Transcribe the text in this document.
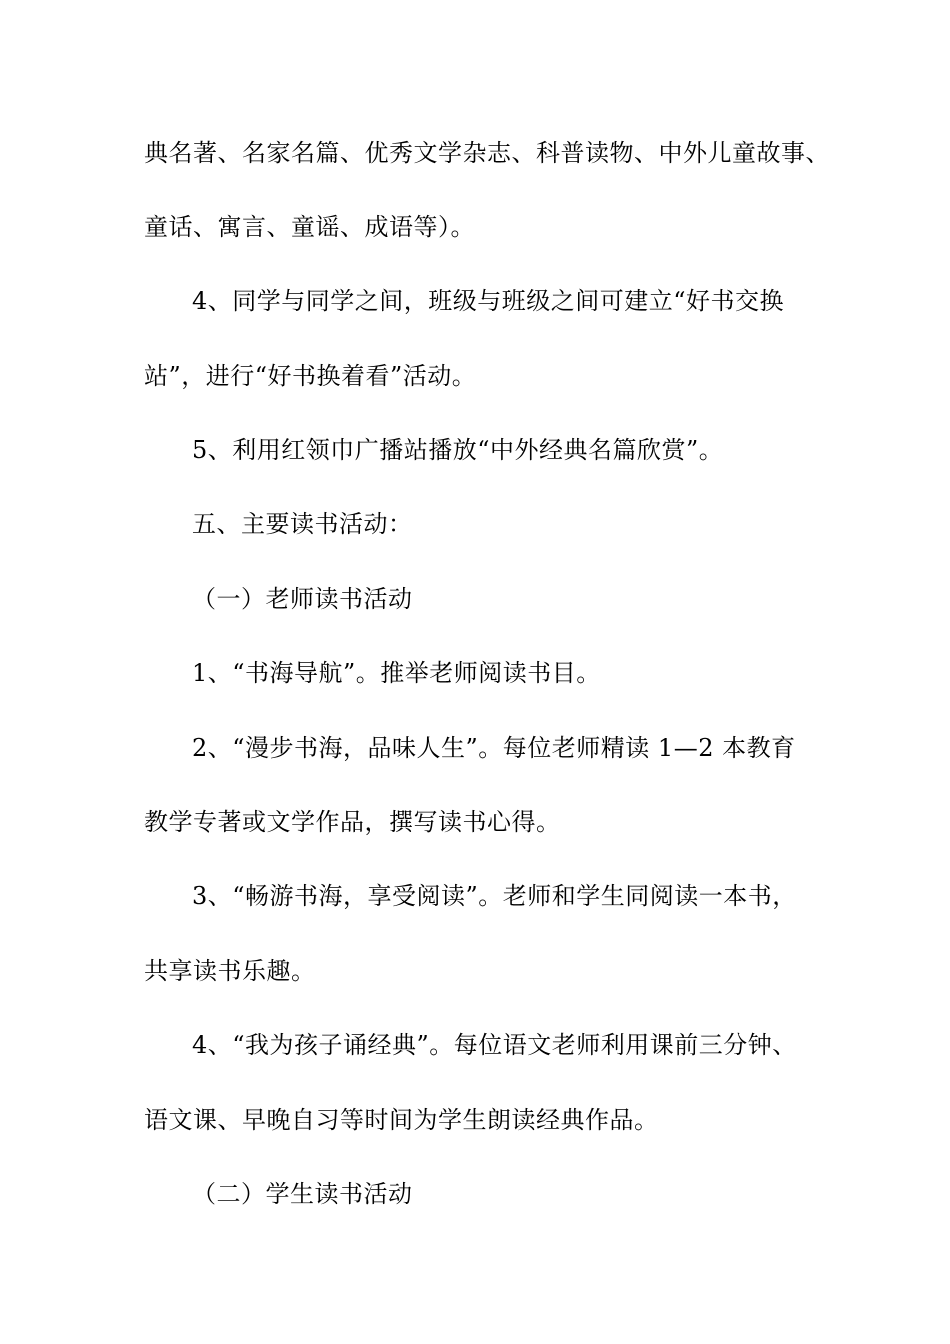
典名著、名家名篇、优秀文学杂志、科普读物、中外儿童故事、
童话、寓言、童谣、成语等）。
4、同学与同学之间，班级与班级之间可建立“好书交换
站”，进行“好书换着看”活动。
5、利用红领巾广播站播放“中外经典名篇欣赏”。
五、主要读书活动：
（一）老师读书活动
1、“书海导航”。推举老师阅读书目。
2、“漫步书海，品味人生”。每位老师精读 1—2 本教育
教学专著或文学作品，撰写读书心得。
3、“畅游书海，享受阅读”。老师和学生同阅读一本书，
共享读书乐趣。
4、“我为孩子诵经典”。每位语文老师利用课前三分钟、
语文课、早晚自习等时间为学生朗读经典作品。
（二）学生读书活动
